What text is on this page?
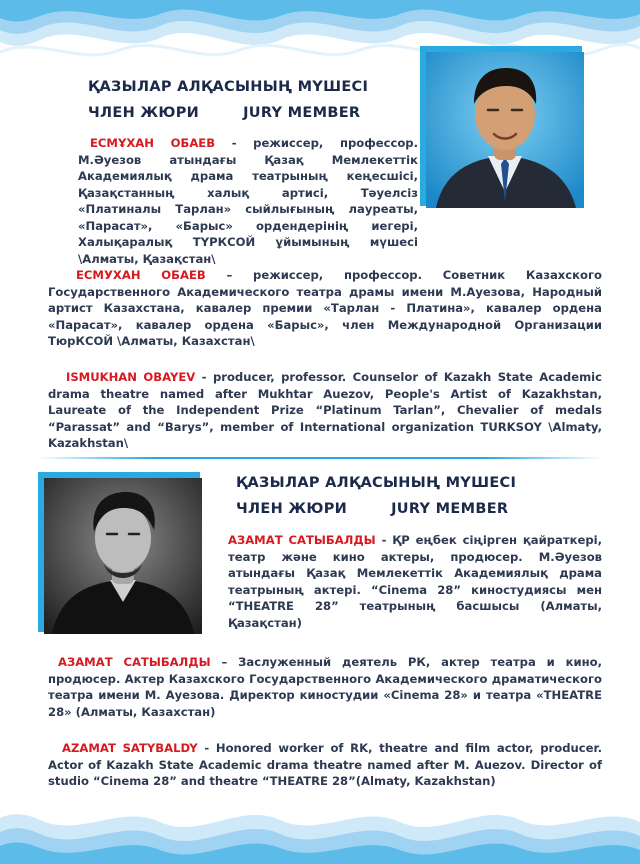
ҚАЗЫЛАР АЛҚАСЫНЫҢ МҮШЕСІ
ЧЛЕН ЖЮРИ	JURY MEMBER

ЕСМҰХАН ОБАЕВ - режиссер, профессор. М.Әуезов атындағы Қазақ Мемлекеттік Академиялық драма театрының кеңесшісі, Қазақстанның халық артисі, Тәуелсіз «Платиналы Тарлан» сыйлығының лауреаты, «Парасат», «Барыс» ордендерінің иегері, Халықаралық ТҮРКСОЙ ұйымының мүшесі \Алматы, Қазақстан\

ЕСМУХАН ОБАЕВ – режиссер, профессор. Советник Казахского Государственного Академического театра драмы имени М.Ауезова, Народный артист Казахстана, кавалер премии «Тарлан - Платина», кавалер ордена «Парасат», кавалер ордена «Барыс», член Международной Организации ТюрКСОЙ \Алматы, Казахстан\

ISMUKHAN OBAYEV - producer, professor. Counselor of Kazakh State Academic drama theatre named after Mukhtar Auezov, People's Artist of Kazakhstan, Laureate of the Independent Prize “Platinum Tarlan”, Chevalier of medals “Parassat” and “Barys”, member of International organization TURKSOY \Almaty, Kazakhstan\

ҚАЗЫЛАР АЛҚАСЫНЫҢ МҮШЕСІ
ЧЛЕН ЖЮРИ	JURY MEMBER

АЗАМАТ САТЫБАЛДЫ - ҚР еңбек сіңірген қайраткері, театр және кино актеры, продюсер. М.Әуезов атындағы Қазақ Мемлекеттік Академиялық драма театрының актері. “Cinema 28” киностудиясы мен “THEATRE 28” театрының басшысы (Алматы, Қазақстан)

АЗАМАТ САТЫБАЛДЫ – Заслуженный деятель РК, актер театра и кино, продюсер. Актер Казахского Государственного Академического драматического театра имени М. Ауезова. Директор киностудии «Cinema 28» и театра «THEATRE 28» (Алматы, Казахстан)

AZAMAT SATYBALDY - Honored worker of RK, theatre and film actor, producer. Actor of Kazakh State Academic drama theatre named after M. Auezov. Director of studio “Cinema 28” and theatre “THEATRE 28”(Almaty, Kazakhstan)
